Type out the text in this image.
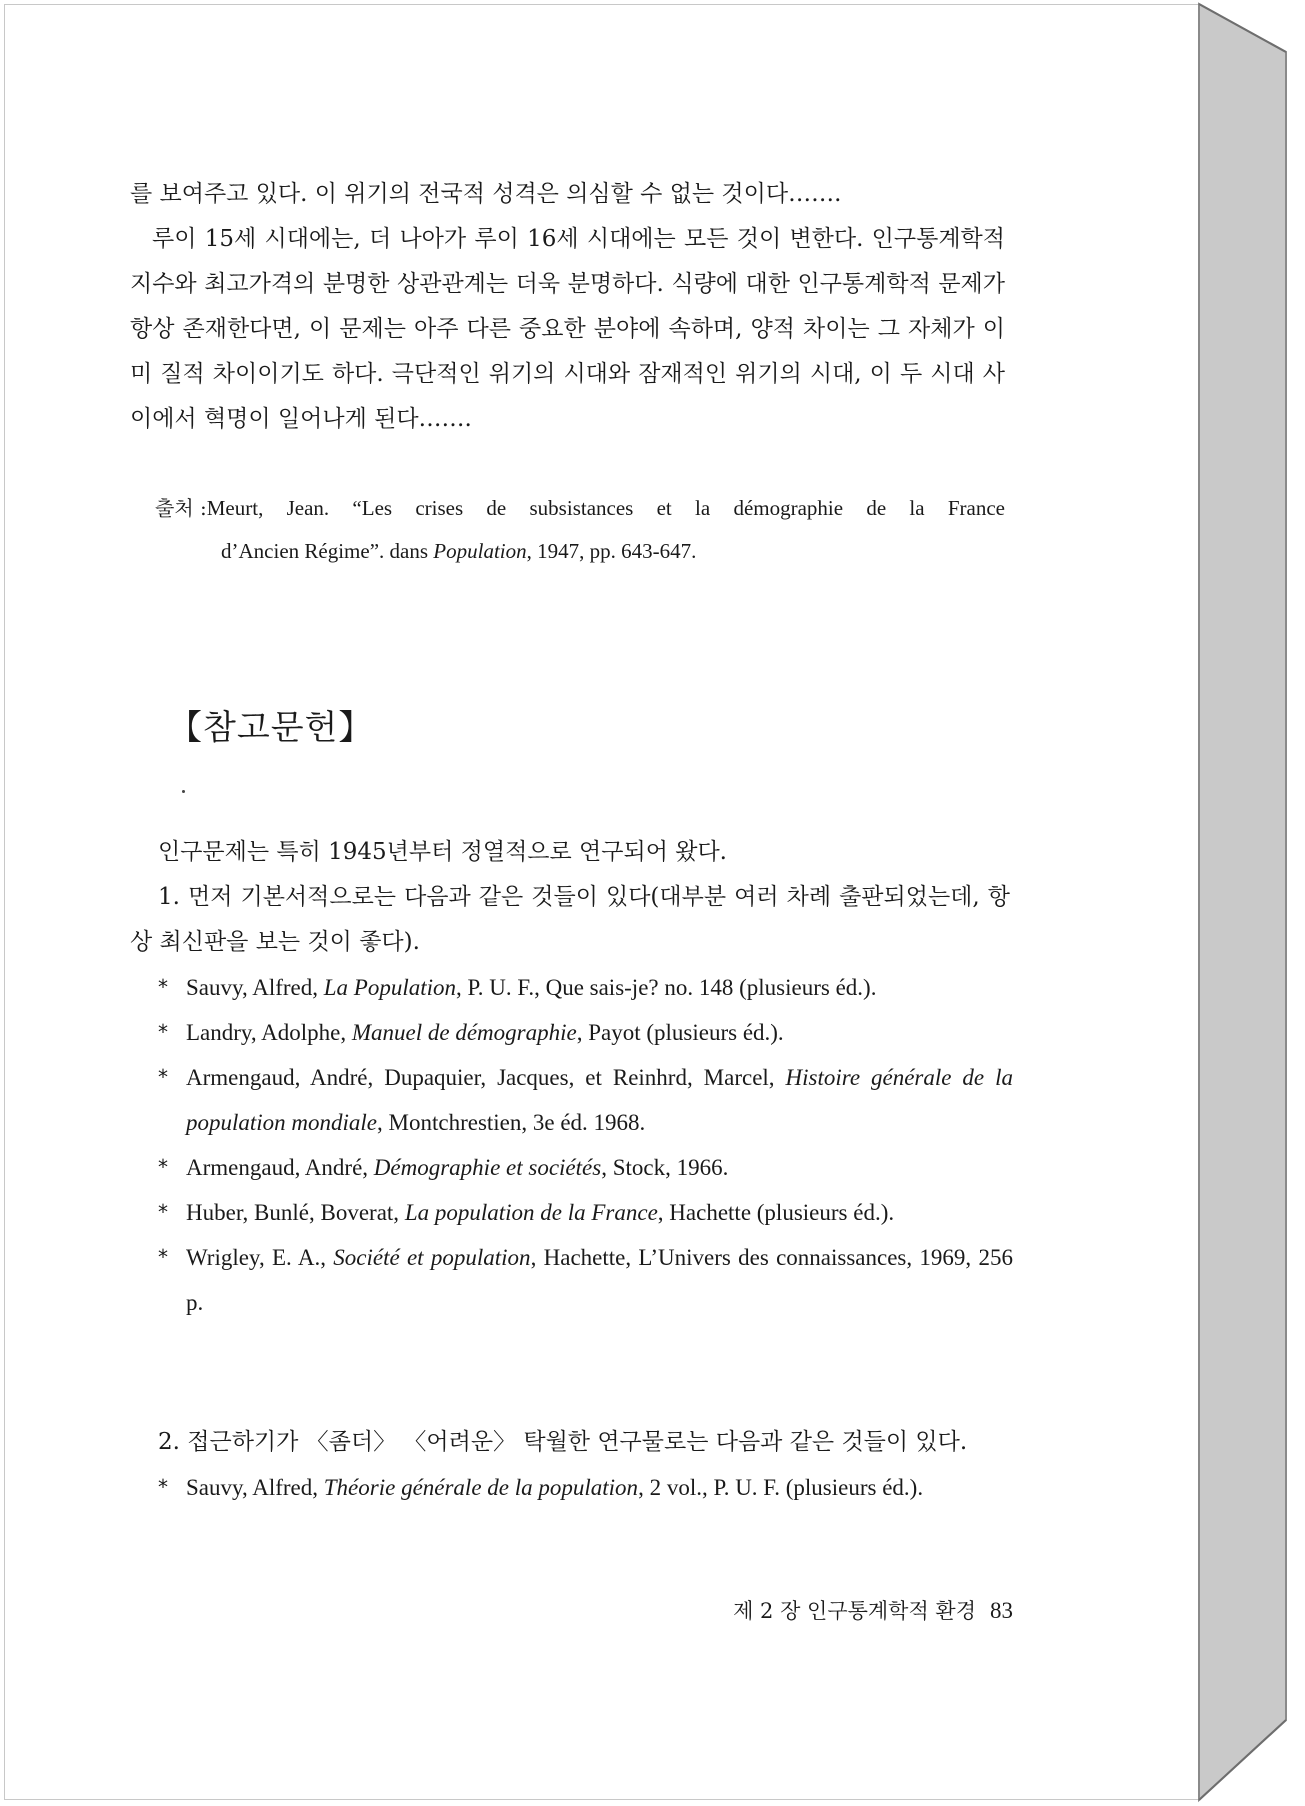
를 보여주고 있다. 이 위기의 전국적 성격은 의심할 수 없는 것이다…….

루이 15세 시대에는, 더 나아가 루이 16세 시대에는 모든 것이 변한다. 인구통계학적 지수와 최고가격의 분명한 상관관계는 더욱 분명하다. 식량에 대한 인구통계학적 문제가 항상 존재한다면, 이 문제는 아주 다른 중요한 분야에 속하며, 양적 차이는 그 자체가 이미 질적 차이이기도 하다. 극단적인 위기의 시대와 잠재적인 위기의 시대, 이 두 시대 사이에서 혁명이 일어나게 된다…….

출처 : Meurt, Jean. “Les crises de subsistances et la démographie de la France
d’Ancien Régime”. dans Population, 1947, pp. 643-647.
【참고문헌】

인구문제는 특히 1945년부터 정열적으로 연구되어 왔다.

1. 먼저 기본서적으로는 다음과 같은 것들이 있다(대부분 여러 차례 출판되었는데, 항상 최신판을 보는 것이 좋다).

* Sauvy, Alfred, La Population, P. U. F., Que sais-je? no. 148 (plusieurs éd.).
* Landry, Adolphe, Manuel de démographie, Payot (plusieurs éd.).
* Armengaud, André, Dupaquier, Jacques, et Reinhrd, Marcel, Histoire générale de la population mondiale, Montchrestien, 3e éd. 1968.
* Armengaud, André, Démographie et sociétés, Stock, 1966.
* Huber, Bunlé, Boverat, La population de la France, Hachette (plusieurs éd.).
* Wrigley, E. A., Société et population, Hachette, L’Univers des connaissances, 1969, 256 p.

2. 접근하기가 〈좀더〉 〈어려운〉 탁월한 연구물로는 다음과 같은 것들이 있다.

* Sauvy, Alfred, Théorie générale de la population, 2 vol., P. U. F. (plusieurs éd.).

제 2 장 인구통계학적 환경 83
